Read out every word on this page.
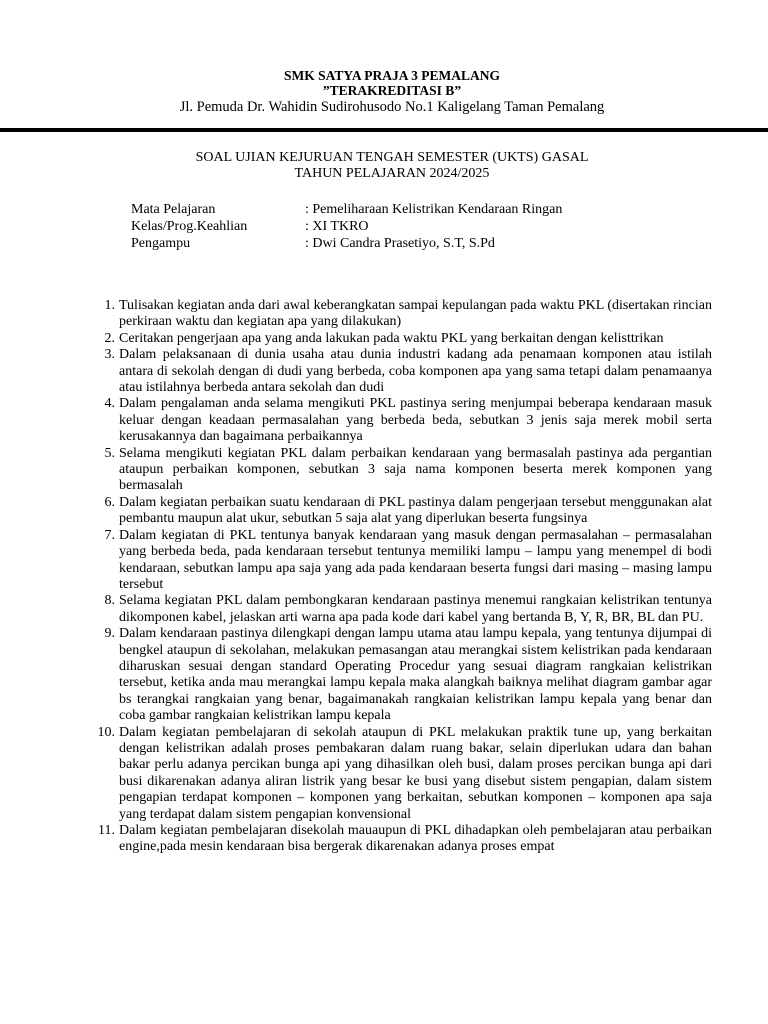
SMK SATYA PRAJA 3 PEMALANG
”TERAKREDITASI B”
Jl. Pemuda Dr. Wahidin Sudirohusodo No.1 Kaligelang Taman Pemalang
SOAL UJIAN KEJURUAN TENGAH SEMESTER (UKTS) GASAL
TAHUN PELAJARAN 2024/2025
Mata Pelajaran	: Pemeliharaan Kelistrikan Kendaraan Ringan
Kelas/Prog.Keahlian	: XI TKRO
Pengampu	: Dwi Candra Prasetiyo, S.T, S.Pd
1. Tulisakan kegiatan anda dari awal keberangkatan sampai kepulangan pada waktu PKL (disertakan rincian perkiraan waktu dan kegiatan apa yang dilakukan)
2. Ceritakan pengerjaan apa yang anda lakukan pada waktu PKL yang berkaitan dengan kelisttrikan
3. Dalam pelaksanaan di dunia usaha atau dunia industri kadang ada penamaan komponen atau istilah antara di sekolah dengan di dudi yang berbeda, coba komponen apa yang sama tetapi dalam penamaanya atau istilahnya berbeda antara sekolah dan dudi
4. Dalam pengalaman anda selama mengikuti PKL pastinya sering menjumpai beberapa kendaraan masuk keluar dengan keadaan permasalahan yang berbeda beda, sebutkan 3 jenis saja merek mobil serta kerusakannya dan bagaimana perbaikannya
5. Selama mengikuti kegiatan PKL dalam perbaikan kendaraan yang bermasalah pastinya ada pergantian ataupun perbaikan komponen, sebutkan 3 saja nama komponen beserta merek komponen yang bermasalah
6. Dalam kegiatan perbaikan suatu kendaraan di PKL pastinya dalam pengerjaan tersebut menggunakan alat pembantu maupun alat ukur, sebutkan 5 saja alat yang diperlukan beserta fungsinya
7. Dalam kegiatan di PKL tentunya banyak kendaraan yang masuk dengan permasalahan – permasalahan yang berbeda beda, pada kendaraan tersebut tentunya memiliki lampu – lampu yang menempel di bodi kendaraan, sebutkan lampu apa saja yang ada pada kendaraan beserta fungsi dari masing – masing lampu tersebut
8. Selama kegiatan PKL dalam pembongkaran kendaraan pastinya menemui rangkaian kelistrikan tentunya dikomponen kabel, jelaskan arti warna apa pada kode dari kabel yang bertanda B, Y, R, BR, BL dan PU.
9. Dalam kendaraan pastinya dilengkapi dengan lampu utama atau lampu kepala, yang tentunya dijumpai di bengkel ataupun di sekolahan, melakukan pemasangan atau merangkai sistem kelistrikan pada kendaraan diharuskan sesuai dengan standard Operating Procedur yang sesuai diagram rangkaian kelistrikan tersebut, ketika anda mau merangkai lampu kepala maka alangkah baiknya melihat diagram gambar agar bs terangkai rangkaian yang benar, bagaimanakah rangkaian kelistrikan lampu kepala yang benar dan coba gambar rangkaian kelistrikan lampu kepala
10. Dalam kegiatan pembelajaran di sekolah ataupun di PKL melakukan praktik tune up, yang berkaitan dengan kelistrikan adalah proses pembakaran dalam ruang bakar, selain diperlukan udara dan bahan bakar perlu adanya percikan bunga api yang dihasilkan oleh busi, dalam proses percikan bunga api dari busi dikarenakan adanya aliran listrik yang besar ke busi yang disebut sistem pengapian, dalam sistem pengapian terdapat komponen – komponen yang berkaitan, sebutkan komponen – komponen apa saja yang terdapat dalam sistem pengapian konvensional
11. Dalam kegiatan pembelajaran disekolah mauaupun di PKL dihadapkan oleh pembelajaran atau perbaikan engine,pada mesin kendaraan bisa bergerak dikarenakan adanya proses empat
